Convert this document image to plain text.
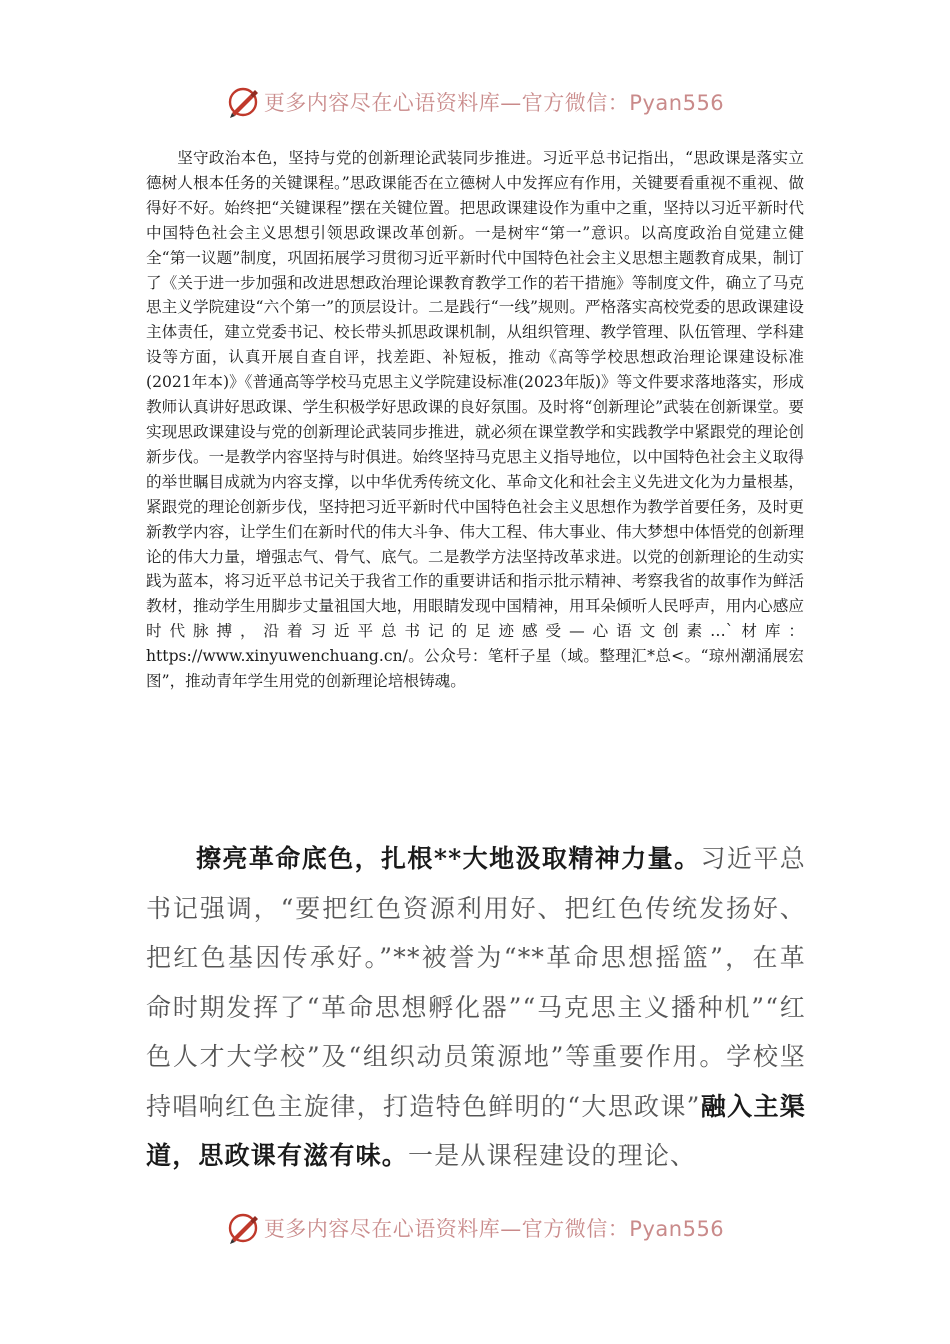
更多内容尽在心语资料库—官方微信：Pyan556

坚守政治本色，坚持与党的创新理论武装同步推进。习近平总书记指出，“思政课是落实立德树人根本任务的关键课程。”思政课能否在立德树人中发挥应有作用，关键要看重视不重视、做得好不好。始终把“关键课程”摆在关键位置。把思政课建设作为重中之重，坚持以习近平新时代中国特色社会主义思想引领思政课改革创新。一是树牢“第一”意识。以高度政治自觉建立健全“第一议题”制度，巩固拓展学习贯彻习近平新时代中国特色社会主义思想主题教育成果，制订了《关于进一步加强和改进思想政治理论课教育教学工作的若干措施》等制度文件，确立了马克思主义学院建设“六个第一”的顶层设计。二是践行“一线”规则。严格落实高校党委的思政课建设主体责任，建立党委书记、校长带头抓思政课机制，从组织管理、教学管理、队伍管理、学科建设等方面，认真开展自查自评，找差距、补短板，推动《高等学校思想政治理论课建设标准(2021年本)》《普通高等学校马克思主义学院建设标准(2023年版)》等文件要求落地落实，形成教师认真讲好思政课、学生积极学好思政课的良好氛围。及时将“创新理论”武装在创新课堂。要实现思政课建设与党的创新理论武装同步推进，就必须在课堂教学和实践教学中紧跟党的理论创新步伐。一是教学内容坚持与时俱进。始终坚持马克思主义指导地位，以中国特色社会主义取得的举世瞩目成就为内容支撑，以中华优秀传统文化、革命文化和社会主义先进文化为力量根基，紧跟党的理论创新步伐，坚持把习近平新时代中国特色社会主义思想作为教学首要任务，及时更新教学内容，让学生们在新时代的伟大斗争、伟大工程、伟大事业、伟大梦想中体悟党的创新理论的伟大力量，增强志气、骨气、底气。二是教学方法坚持改革求进。以党的创新理论的生动实践为蓝本，将习近平总书记关于我省工作的重要讲话和指示批示精神、考察我省的故事作为鲜活教材，推动学生用脚步丈量祖国大地，用眼睛发现中国精神，用耳朵倾听人民呼声，用内心感应时代脉搏，沿着习近平总书记的足迹感受—心语文创素…`材库：https://www.xinyuwenchuang.cn/。公众号：笔杆子星（域。整理汇*总<。“琼州潮涌展宏图”，推动青年学生用党的创新理论培根铸魂。

擦亮革命底色，扎根**大地汲取精神力量。习近平总书记强调，“要把红色资源利用好、把红色传统发扬好、把红色基因传承好。”**被誉为“**革命思想摇篮”，在革命时期发挥了“革命思想孵化器”“马克思主义播种机”“红色人才大学校”及“组织动员策源地”等重要作用。学校坚持唱响红色主旋律，打造特色鲜明的“大思政课”融入主渠道，思政课有滋有味。一是从课程建设的理论、

更多内容尽在心语资料库—官方微信：Pyan556
